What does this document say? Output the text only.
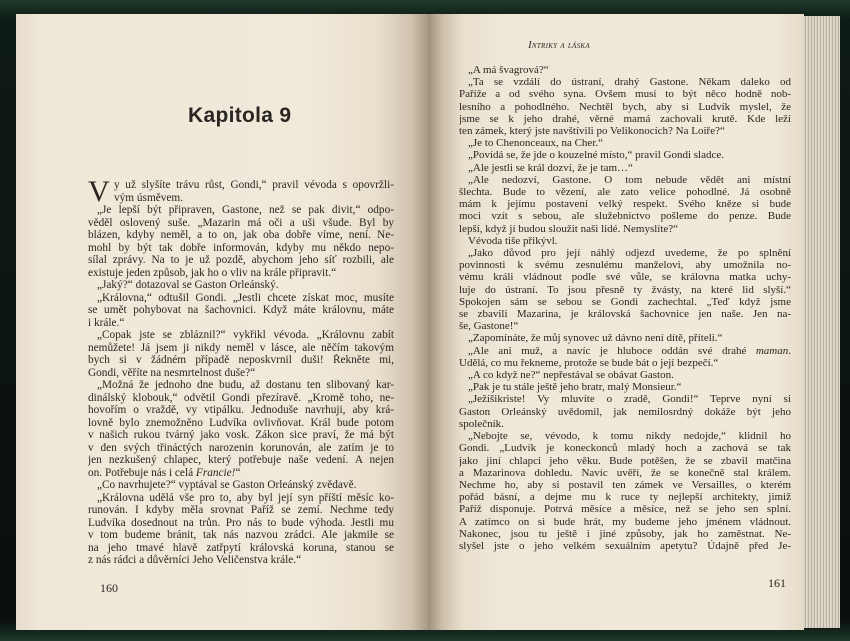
Kapitola 9
V y už slyšíte trávu růst, Gondi,“ pravil vévoda s opovržli-
vým úsměvem.
„Je lepší být připraven, Gastone, než se pak divit,“ odpo-
věděl oslovený suše. „Mazarin má oči a uši všude. Byl by
blázen, kdyby neměl, a to on, jak oba dobře víme, není. Ne-
mohl by být tak dobře informován, kdyby mu někdo nepo-
sílal zprávy. Na to je už pozdě, abychom jeho síť rozbili, ale
existuje jeden způsob, jak ho o vliv na krále připravit.“
„Jaký?“ dotazoval se Gaston Orleánský.
„Královna,“ odtušil Gondi. „Jestli chcete získat moc, musíte
se umět pohybovat na šachovnici. Když máte královnu, máte
i krále.“
„Copak jste se zbláznil?“ vykřikl vévoda. „Královnu zabít
nemůžete! Já jsem ji nikdy neměl v lásce, ale něčím takovým
bych si v žádném případě neposkvrnil duši! Řekněte mi,
Gondi, věříte na nesmrtelnost duše?“
„Možná že jednoho dne budu, až dostanu ten slibovaný kar-
dinálský klobouk,“ odvětil Gondi přezíravě. „Kromě toho, ne-
hovořím o vraždě, vy vtipálku. Jednoduše navrhuji, aby krá-
lovně bylo znemožněno Ludvíka ovlivňovat. Král bude potom
v našich rukou tvárný jako vosk. Zákon sice praví, že má být
v den svých třináctých narozenin korunován, ale zatím je to
jen nezkušený chlapec, který potřebuje naše vedení. A nejen
on. Potřebuje nás i celá Francie!“
„Co navrhujete?“ vyptával se Gaston Orleánský zvědavě.
„Královna udělá vše pro to, aby byl její syn příští měsíc ko-
runován. I kdyby měla srovnat Paříž se zemí. Nechme tedy
Ludvíka dosednout na trůn. Pro nás to bude výhoda. Jestli mu
v tom budeme bránit, tak nás nazvou zrádci. Ale jakmile se
na jeho tmavé hlavě zatřpytí královská koruna, stanou se
z nás rádci a důvěrníci Jeho Veličenstva krále.“
160
Intriky a láska
„A má švagrová?“
„Ta se vzdálí do ústraní, drahý Gastone. Někam daleko od
Paříže a od svého syna. Ovšem musí to být něco hodně nob-
lesního a pohodlného. Nechtěl bych, aby si Ludvík myslel, že
jsme se k jeho drahé, věrné mamá zachovali krutě. Kde leží
ten zámek, který jste navštívili po Velikonocích? Na Loiře?“
„Je to Chenonceaux, na Cher.“
„Povídá se, že jde o kouzelné místo,“ pravil Gondi sladce.
„Ale jestli se král dozví, že je tam…“
„Ale nedozví, Gastone. O tom nebude vědět ani místní
šlechta. Bude to vězení, ale zato velice pohodlné. Já osobně
mám k jejímu postavení velký respekt. Svého kněze si bude
moci vzít s sebou, ale služebnictvo pošleme do penze. Bude
lepší, když jí budou sloužit naši lidé. Nemyslíte?“
Vévoda tiše přikývl.
„Jako důvod pro její náhlý odjezd uvedeme, že po splnění
povinnosti k svému zesnulému manželovi, aby umožnila no-
vému králi vládnout podle své vůle, se královna matka uchy-
luje do ústraní. To jsou přesně ty žvásty, na které lid slyší.“
Spokojen sám se sebou se Gondi zachechtal. „Teď když jsme
se zbavili Mazarina, je královská šachovnice jen naše. Jen na-
še, Gastone!“
„Zapomínáte, že můj synovec už dávno není dítě, příteli.“
„Ale ani muž, a navíc je hluboce oddán své drahé maman.
Udělá, co mu řekneme, protože se bude bát o její bezpečí.“
„A co když ne?“ nepřestával se obávat Gaston.
„Pak je tu stále ještě jeho bratr, malý Monsieur.“
„Ježíšikriste! Vy mluvíte o zradě, Gondi!“ Teprve nyní si
Gaston Orleánský uvědomil, jak nemilosrdný dokáže být jeho
společník.
„Nebojte se, vévodo, k tomu nikdy nedojde,“ klidnil ho
Gondi. „Ludvík je koneckonců mladý hoch a zachová se tak
jako jiní chlapci jeho věku. Bude potěšen, že se zbavil matčina
a Mazarinova dohledu. Navíc uvěří, že se konečně stal králem.
Nechme ho, aby si postavil ten zámek ve Versailles, o kterém
pořád básní, a dejme mu k ruce ty nejlepší architekty, jimiž
Paříž disponuje. Potrvá měsíce a měsíce, než se jeho sen splní.
A zatímco on si bude hrát, my budeme jeho jménem vládnout.
Nakonec, jsou tu ještě i jiné způsoby, jak ho zaměstnat. Ne-
slyšel jste o jeho velkém sexuálním apetytu? Údajně před Je-
161
